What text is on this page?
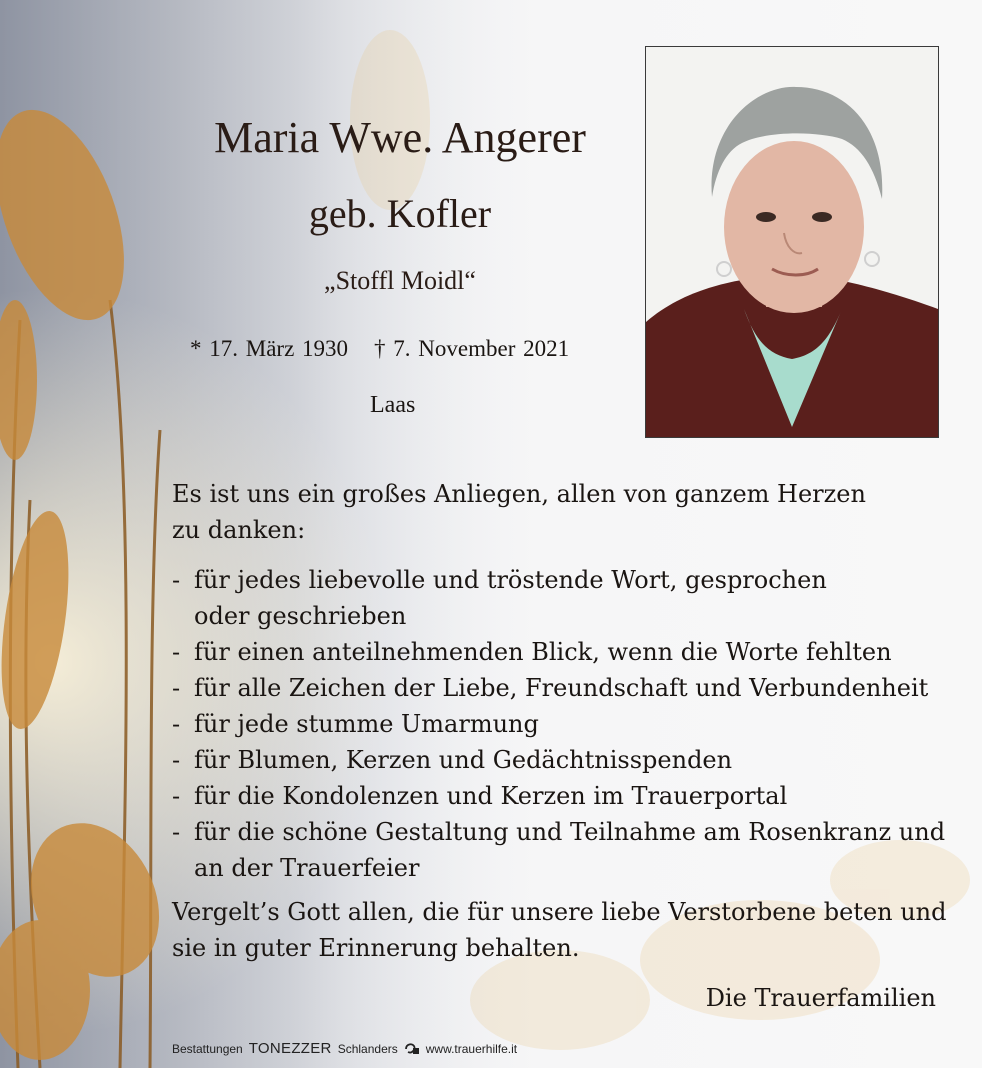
Maria Wwe. Angerer
geb. Kofler
„Stoffl Moidl“
* 17. März 1930 † 7. November 2021
Laas

Es ist uns ein großes Anliegen, allen von ganzem Herzen zu danken:

- für jedes liebevolle und tröstende Wort, gesprochen oder geschrieben
- für einen anteilnehmenden Blick, wenn die Worte fehlten
- für alle Zeichen der Liebe, Freundschaft und Verbundenheit
- für jede stumme Umarmung
- für Blumen, Kerzen und Gedächtnisspenden
- für die Kondolenzen und Kerzen im Trauerportal
- für die schöne Gestaltung und Teilnahme am Rosenkranz und an der Trauerfeier

Vergelt’s Gott allen, die für unsere liebe Verstorbene beten und sie in guter Erinnerung behalten.

Die Trauerfamilien
Bestattungen TONEZZER Schlanders www.trauerhilfe.it
